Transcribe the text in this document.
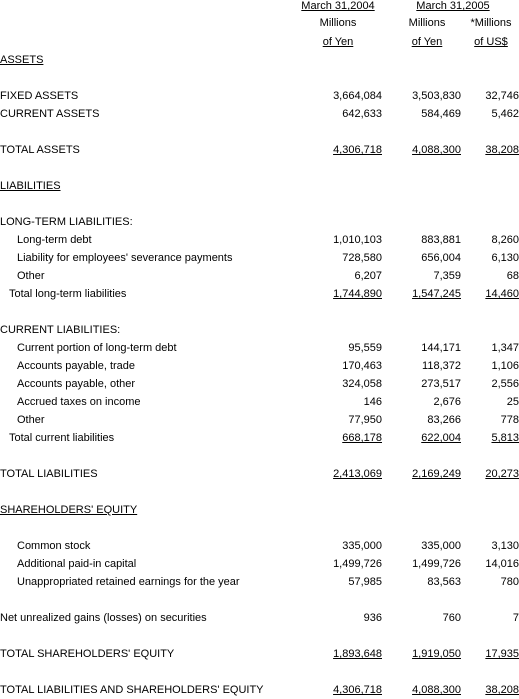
March 31,2004	March 31,2005
Millions
of Yen
Millions
of Yen
*Millions
of US$
ASSETS
FIXED ASSETS	3,664,084	3,503,830 32,746
CURRENT ASSETS	642,633	584,469	5,462
TOTAL ASSETS	4,306,718	4,088,300 38,208
LIABILITIES
LONG-TERM LIABILITIES:
Long-term debt	1,010,103	883,881	8,260
Liability for employees' severance payments	728,580	656,004	6,130
Other	6,207	7,359	68
Total long-term liabilities	1,744,890	1,547,245 14,460
CURRENT LIABILITIES:
Current portion of long-term debt	95,559	144,171	1,347
Accounts payable, trade	170,463	118,372	1,106
Accounts payable, other	324,058	273,517	2,556
Accrued taxes on income	146	2,676	25
Other	77,950	83,266	778
Total current liabilities	668,178	622,004	5,813
TOTAL LIABILITIES	2,413,069	2,169,249 20,273
SHAREHOLDERS' EQUITY
Common stock	335,000	335,000	3,130
Additional paid-in capital	1,499,726	1,499,726 14,016
Unappropriated retained earnings for the year	57,985	83,563	780
Net unrealized gains (losses) on securities	936	760	7
TOTAL SHAREHOLDERS' EQUITY	1,893,648	1,919,050 17,935
TOTAL LIABILITIES AND SHAREHOLDERS' EQUITY	4,306,718	4,088,300 38,208
